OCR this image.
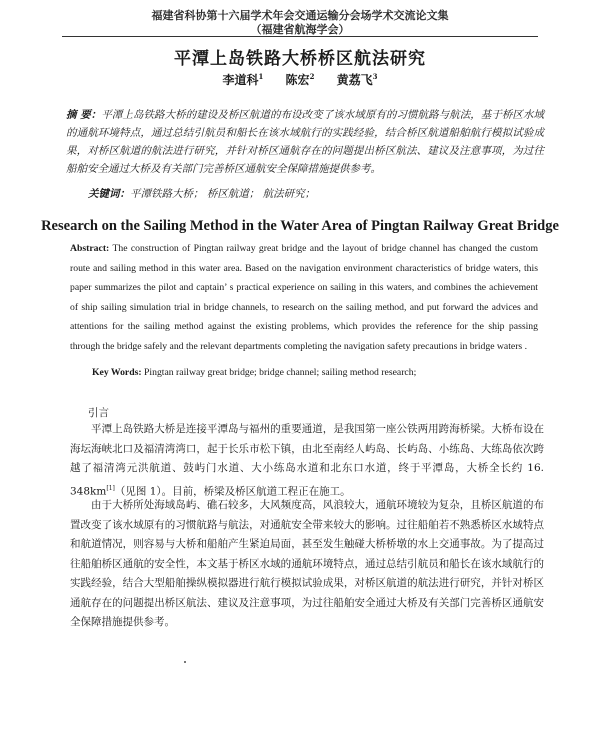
福建省科协第十六届学术年会交通运输分会场学术交流论文集
（福建省航海学会）
平潭上岛铁路大桥桥区航法研究
李道科$^1$ 陈宏$^2$ 黄荔飞$^3$
摘 要：平潭上岛铁路大桥的建设及桥区航道的布设改变了该水域原有的习惯航路与航法，基于桥区水域的通航环境特点，通过总结引航员和船长在该水域航行的实践经验，结合桥区航道船舶航行模拟试验成果，对桥区航道的航法进行研究，并针对桥区通航存在的问题提出桥区航法、建议及注意事项，为过往船舶安全通过大桥及有关部门完善桥区通航安全保障措施提供参考。
关键词：平潭铁路大桥； 桥区航道； 航法研究；
Research on the Sailing Method in the Water Area of Pingtan Railway Great Bridge
Abstract: The construction of Pingtan railway great bridge and the layout of bridge channel has changed the custom route and sailing method in this water area. Based on the navigation environment characteristics of bridge waters, this paper summarizes the pilot and captain’ s practical experience on sailing in this waters, and combines the achievement of ship sailing simulation trial in bridge channels, to research on the sailing method, and put forward the advices and attentions for the sailing method against the existing problems, which provides the reference for the ship passing through the bridge safely and the relevant departments completing the navigation safety precautions in bridge waters .
Key Words: Pingtan railway great bridge; bridge channel; sailing method research;
引言
平潭上岛铁路大桥是连接平潭岛与福州的重要通道，是我国第一座公铁两用跨海桥梁。大桥布设在海坛海峡北口及福清湾湾口，起于长乐市松下镇，由北至南经人屿岛、长屿岛、小练岛、大练岛依次跨越了福清湾元洪航道、鼓屿门水道、大小练岛水道和北东口水道，终于平潭岛，大桥全长约 16. 348km[1]（见图 1）。目前，桥梁及桥区航道工程正在施工。
由于大桥所处海域岛屿、礁石较多，大风频度高，风浪较大，通航环境较为复杂，且桥区航道的布置改变了该水域原有的习惯航路与航法，对通航安全带来较大的影响。过往船舶若不熟悉桥区水域特点和航道情况，则容易与大桥和船舶产生紧迫局面，甚至发生触碰大桥桥墩的水上交通事故。为了提高过往船舶桥区通航的安全性，本文基于桥区水域的通航环境特点，通过总结引航员和船长在该水域航行的实践经验，结合大型船舶操纵模拟器进行航行模拟试验成果，对桥区航道的航法进行研究，并针对桥区通航存在的问题提出桥区航法、建议及注意事项，为过往船舶安全通过大桥及有关部门完善桥区通航安全保障措施提供参考。
